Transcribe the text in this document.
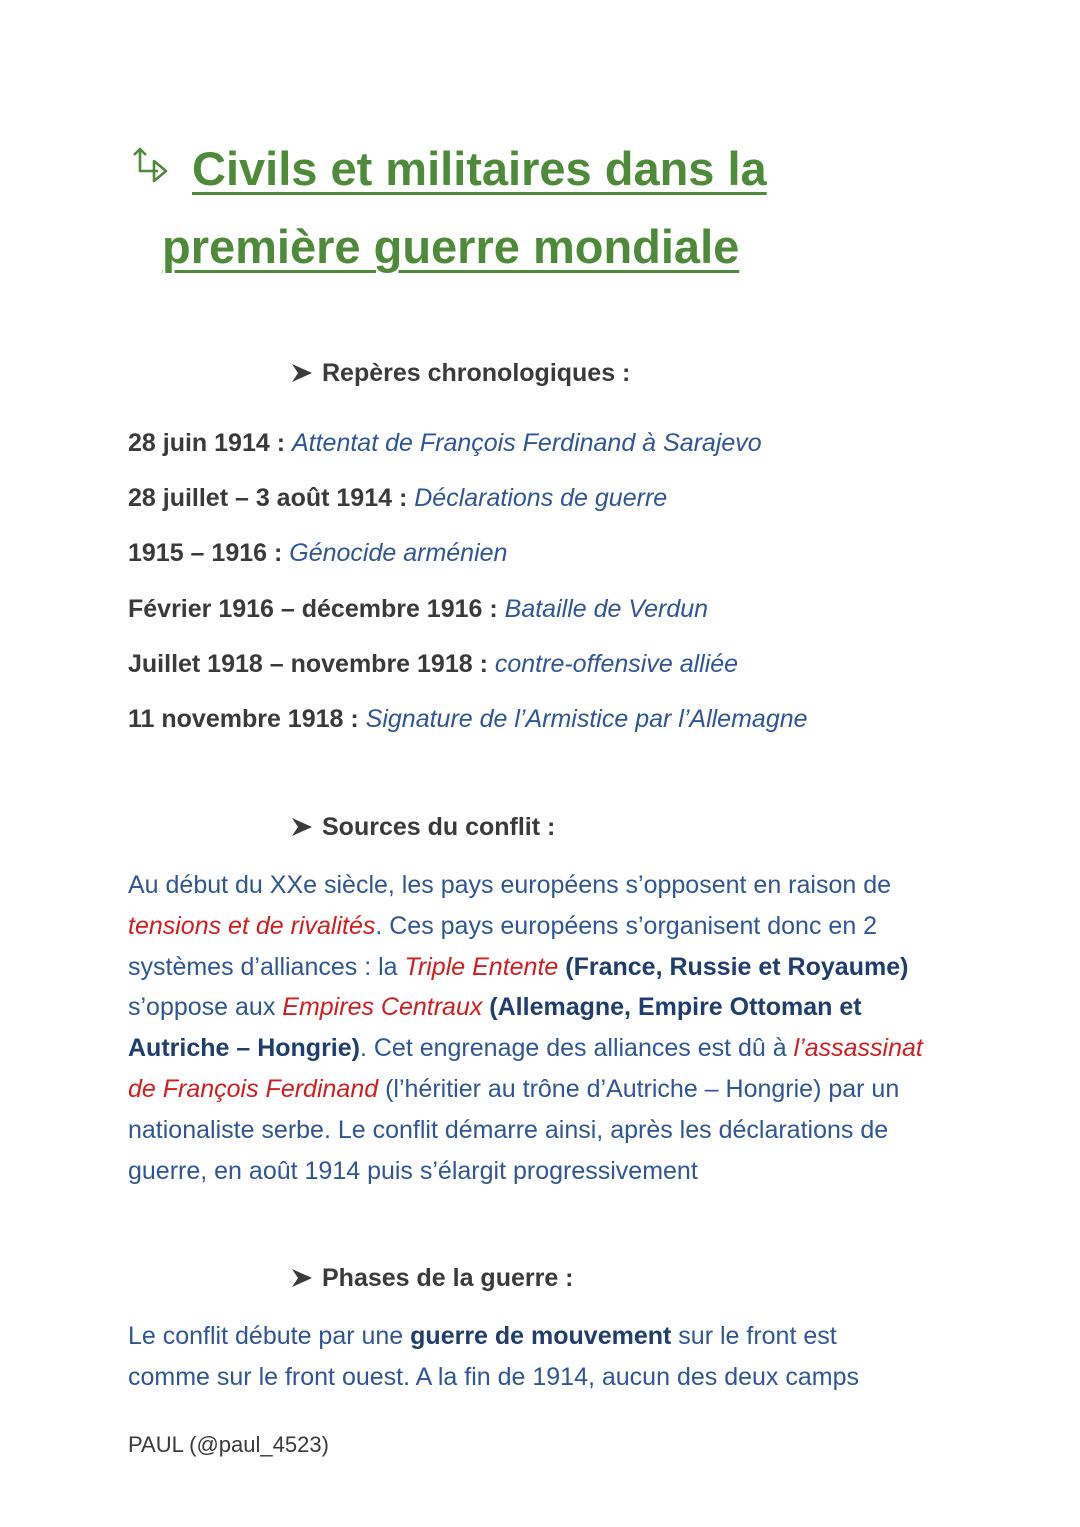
Civils et militaires dans la
première guerre mondiale
Repères chronologiques :
28 juin 1914 : Attentat de François Ferdinand à Sarajevo
28 juillet – 3 août 1914 : Déclarations de guerre
1915 – 1916 : Génocide arménien
Février 1916 – décembre 1916 : Bataille de Verdun
Juillet 1918 – novembre 1918 : contre-offensive alliée
11 novembre 1918 : Signature de l’Armistice par l’Allemagne
Sources du conflit :
Au début du XXe siècle, les pays européens s’opposent en raison de
tensions et de rivalités. Ces pays européens s’organisent donc en 2
systèmes d’alliances : la Triple Entente (France, Russie et Royaume)
s’oppose aux Empires Centraux (Allemagne, Empire Ottoman et
Autriche – Hongrie). Cet engrenage des alliances est dû à l’assassinat
de François Ferdinand (l’héritier au trône d’Autriche – Hongrie) par un
nationaliste serbe. Le conflit démarre ainsi, après les déclarations de
guerre, en août 1914 puis s’élargit progressivement
Phases de la guerre :
Le conflit débute par une guerre de mouvement sur le front est
comme sur le front ouest. A la fin de 1914, aucun des deux camps
PAUL (@paul_4523)
